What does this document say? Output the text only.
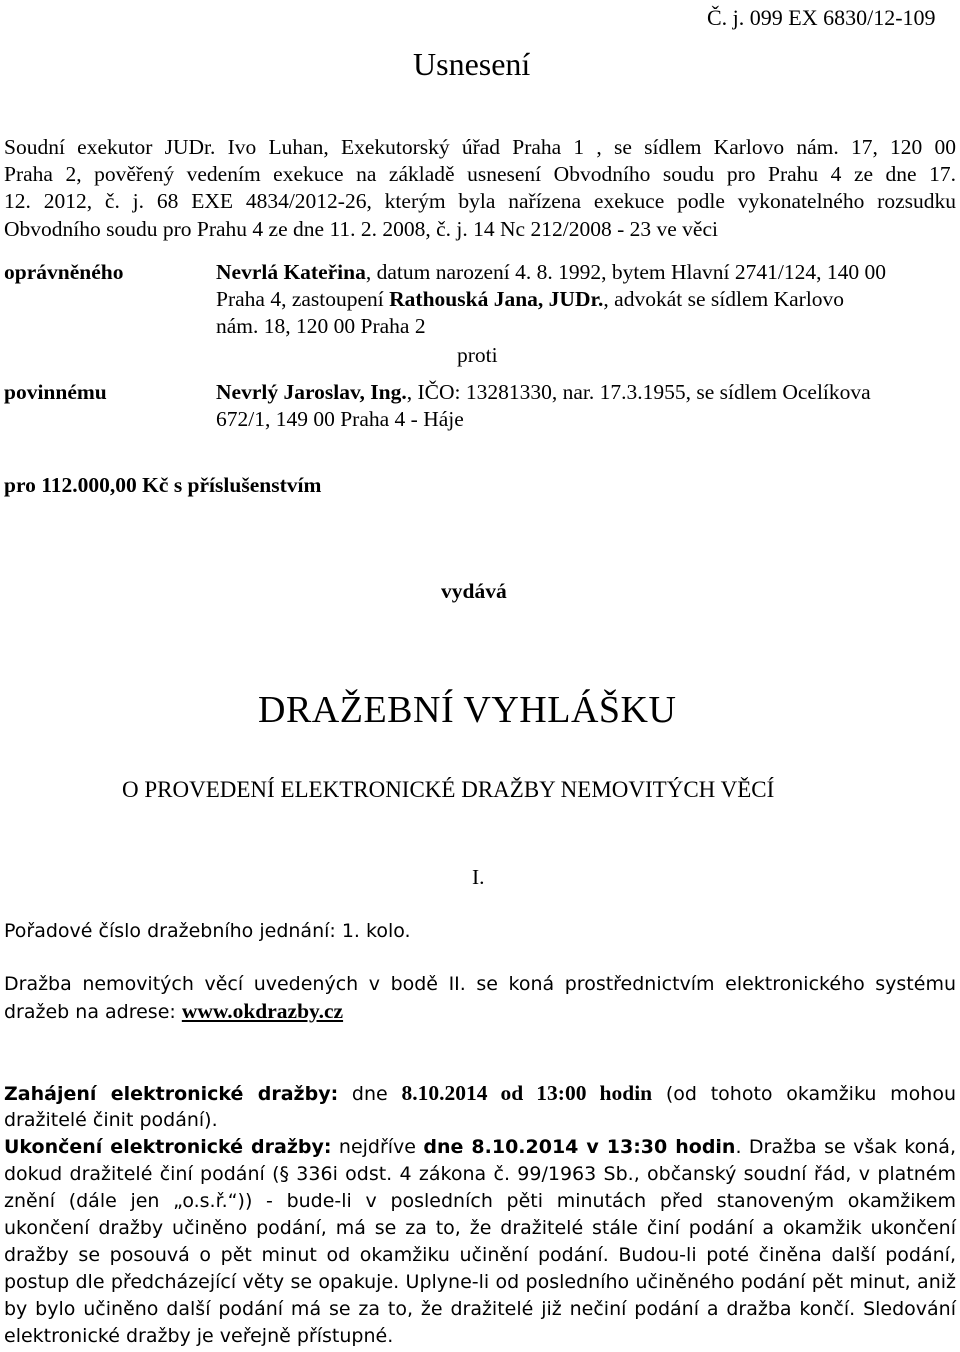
Č. j. 099 EX 6830/12-109
Usnesení
Soudní exekutor JUDr. Ivo Luhan, Exekutorský úřad Praha 1 , se sídlem Karlovo nám. 17, 120 00
Praha 2, pověřený vedením exekuce na základě usnesení Obvodního soudu pro Prahu 4 ze dne 17.
12. 2012, č. j. 68 EXE 4834/2012-26, kterým byla nařízena exekuce podle vykonatelného rozsudku
Obvodního soudu pro Prahu 4 ze dne 11. 2. 2008, č. j. 14 Nc 212/2008 - 23 ve věci
oprávněného	Nevrlá Kateřina, datum narození 4. 8. 1992, bytem Hlavní 2741/124, 140 00
Praha 4, zastoupení Rathouská Jana, JUDr., advokát se sídlem Karlovo
nám. 18, 120 00 Praha 2
proti
povinnému	Nevrlý Jaroslav, Ing., IČO: 13281330, nar. 17.3.1955, se sídlem Ocelíkova
672/1, 149 00 Praha 4 - Háje
pro 112.000,00 Kč s příslušenstvím
vydává
DRAŽEBNÍ VYHLÁŠKU
O PROVEDENÍ ELEKTRONICKÉ DRAŽBY NEMOVITÝCH VĚCÍ
I.
Pořadové číslo dražebního jednání: 1. kolo.
Dražba nemovitých věcí uvedených v bodě II. se koná prostřednictvím elektronického systému
dražeb na adrese: www.okdrazby.cz
Zahájení elektronické dražby: dne 8.10.2014 od 13:00 hodin (od tohoto okamžiku mohou
dražitelé činit podání).
Ukončení elektronické dražby: nejdříve dne 8.10.2014 v 13:30 hodin. Dražba se však koná,
dokud dražitelé činí podání (§ 336i odst. 4 zákona č. 99/1963 Sb., občanský soudní řád, v platném
znění (dále jen „o.s.ř.“)) - bude-li v posledních pěti minutách před stanoveným okamžikem
ukončení dražby učiněno podání, má se za to, že dražitelé stále činí podání a okamžik ukončení
dražby se posouvá o pět minut od okamžiku učinění podání. Budou-li poté činěna další podání,
postup dle předcházející věty se opakuje. Uplyne-li od posledního učiněného podání pět minut, aniž
by bylo učiněno další podání má se za to, že dražitelé již nečiní podání a dražba končí. Sledování
elektronické dražby je veřejně přístupné.
